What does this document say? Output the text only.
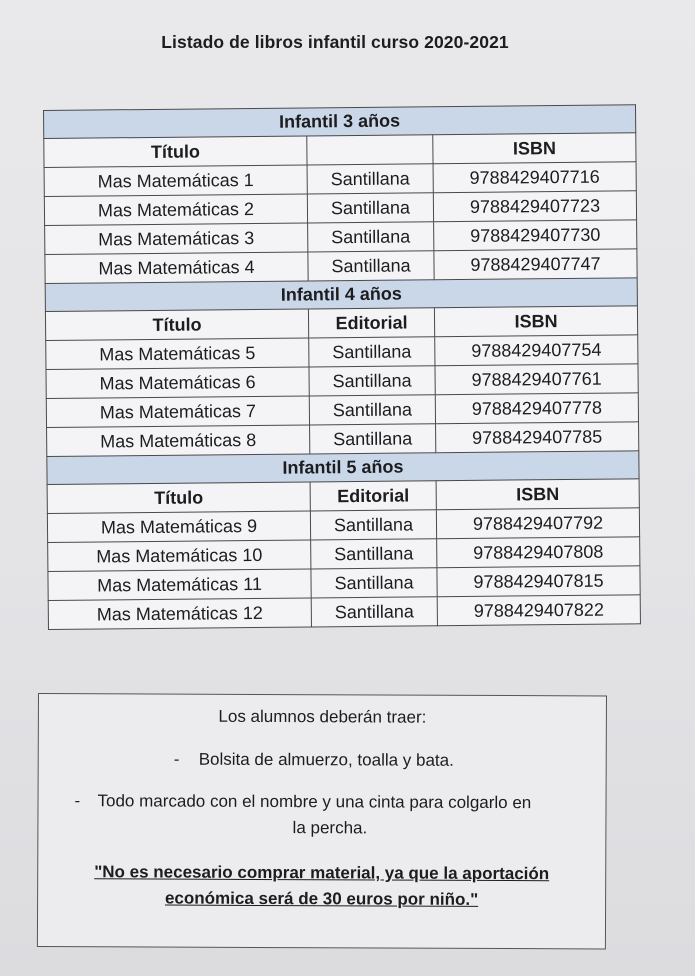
Listado de libros infantil curso 2020-2021
Infantil 3 años		
Título		ISBN
Mas Matemáticas 1	Santillana	9788429407716
Mas Matemáticas 2	Santillana	9788429407723
Mas Matemáticas 3	Santillana	9788429407730
Mas Matemáticas 4	Santillana	9788429407747
Infantil 4 años		
Título	Editorial	ISBN
Mas Matemáticas 5	Santillana	9788429407754
Mas Matemáticas 6	Santillana	9788429407761
Mas Matemáticas 7	Santillana	9788429407778
Mas Matemáticas 8	Santillana	9788429407785
Infantil 5 años		
Título	Editorial	ISBN
Mas Matemáticas 9	Santillana	9788429407792
Mas Matemáticas 10	Santillana	9788429407808
Mas Matemáticas 11	Santillana	9788429407815
Mas Matemáticas 12	Santillana	9788429407822
Los alumnos deberán traer:
- Bolsita de almuerzo, toalla y bata.
- Todo marcado con el nombre y una cinta para colgarlo en
la percha.
"No es necesario comprar material, ya que la aportación
económica será de 30 euros por niño."
